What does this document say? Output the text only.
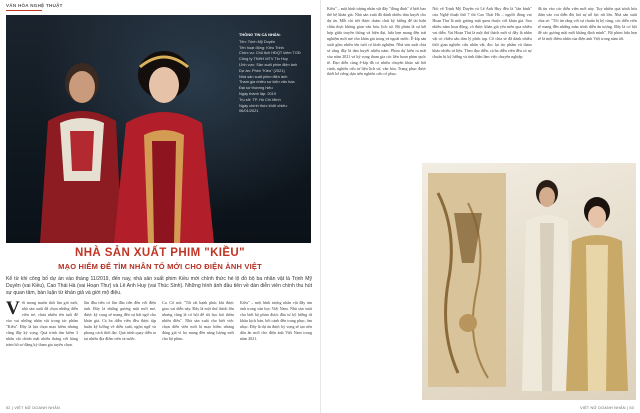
VĂN HÓA NGHỆ THUẬT
THÔNG TIN CÁ NHÂN:
Tên: Trịnh Mỹ Duyên
Tên hoạt động: Kiều Trịnh
Chức vụ: Chủ tịch HĐQT kiêm TGĐ
Công ty TNHH MTV Tin Huy
Lĩnh vực: Sản xuất phim điện ảnh
Dự án: Phim "Kiều" (2021)
Nhà sản xuất phim điện ảnh
Tham gia nhiều sự kiện văn hóa
Đại sứ thương hiệu
Ngày thành lập: 2019
Trụ sở: TP. Hồ Chí Minh
Ngày chính thức khởi chiếu:
06/01/2021
NHÀ SẢN XUẤT PHIM "KIỀU"
MẠO HIỂM ĐỂ TÌM NHÂN TỐ MỚI CHO ĐIỆN ẢNH VIỆT
Kể từ khi công bố dự án vào tháng 11/2019, đến nay, nhà sản xuất phim Kiều mới chính thức hé lộ đồ bộ ba nhân vật là Trịnh Mỹ Duyên (vai Kiều), Cao Thái Hà (vai Hoạn Thư) và Lê Anh Huy (vai Thúc Sinh). Những hình ảnh đầu tiên về dàn diễn viên chính thu hút sự quan tâm, bàn luận từ khán giả và giới mộ điệu.
Với mong muốn thổi làn gió mới, nhà sản xuất đã chọn những diễn viên trẻ, chưa nhiều tên tuổi để vào vai những nhân vật trong tác phẩm "Kiều". Đây là lựa chọn mạo hiểm nhưng cũng đầy kỳ vọng. Quá trình tìm kiếm 3 nhân vật chính mất nhiều tháng với hàng trăm hồ sơ đăng ký tham gia tuyển chọn.
lần đầu tiên có lần đầu tiên đến với điện ảnh. Đây là những gương mặt mới mẻ, được kỳ vọng sẽ mang đến sự bất ngờ cho khán giả. Cả ba diễn viên đều được tập huấn kỹ lưỡng về diễn xuất, ngôn ngữ và phong cách thời đại. Quá trình quay diễn ra tại nhiều địa điểm trên cả nước.
Ca. Cô nói: "Tôi rất hạnh phúc khi được giao vai diễn này. Đây là một thử thách lớn nhưng cũng là cơ hội để tôi học hỏi thêm nhiều điều". Nhà sản xuất cho biết việc chọn diễn viên mới là mạo hiểm nhưng đáng giá vì họ mang đến năng lượng mới cho bộ phim.
Kiều" – một hình tượng nhân vật đầy ám ảnh trong văn học Việt Nam. Nhà sản xuất cho biết bộ phim được đầu tư kỹ lưỡng từ khâu kịch bản, bối cảnh đến trang phục, âm nhạc. Đây là dự án được kỳ vọng sẽ tạo nên dấu ấn mới cho điện ảnh Việt Nam trong năm 2021.
52 | VIỆT NỮ DOANH NHÂN
Kiều" – một hình tượng nhân vật đầy "đóng đinh" ở biết bao thế hệ khán giả. Nhà sản xuất đã dành nhiều tâm huyết cho dự án. Mỗi chi tiết được chăm chút kỹ lưỡng để tái hiện chân thực không gian văn hóa, lịch sử. Bộ phim là sự kết hợp giữa truyền thống và hiện đại, hứa hẹn mang đến trải nghiệm mới mẻ cho khán giả trong và ngoài nước. Ê-kíp sản xuất gồm nhiều tên tuổi có kinh nghiệm. Nhà sản xuất chia sẻ rằng đây là tâm huyết nhiều năm. Phim dự kiến ra mắt vào năm 2021 và kỳ vọng tham gia các liên hoan phim quốc tế. Đạo diễn cùng ê-kíp đã có nhiều chuyến khảo sát bối cảnh, nghiên cứu tư liệu lịch sử, văn hóa. Trang phục được thiết kế riêng dựa trên nghiên cứu cổ phục.
Nói về Trịnh Mỹ Duyên và Lê Anh Huy đều là "tân binh" của Nghệ thuật thứ 7 thì Cao Thái Hà – người đóng vai Hoạn Thư là một gương mặt quen thuộc với khán giả. Sau nhiều năm hoạt động, cô được khán giả yêu mến qua nhiều vai diễn. Vai Hoạn Thư là một thử thách mới vì đây là nhân vật có chiều sâu tâm lý phức tạp. Cô chia sẻ đã dành nhiều thời gian nghiên cứu nhân vật, đọc lại tác phẩm và tham khảo nhiều tư liệu. Theo đạo diễn, cả ba diễn viên đều có sự chuẩn bị kỹ lưỡng và tinh thần làm việc chuyên nghiệp.
đã tin vào các diễn viên mới này. Tuy nhiên quá trình hóa thân vào vai diễn đòi hỏi sự nỗ lực rất lớn. Nhà sản xuất chia sẻ: "Tôi tin rằng với sự chuẩn bị kỹ càng, các diễn viên sẽ mang đến những màn trình diễn ấn tượng. Đây là cơ hội để các gương mặt mới khẳng định mình". Bộ phim hứa hẹn sẽ là một điểm nhấn của điện ảnh Việt trong năm tới.
VIỆT NỮ DOANH NHÂN | 53
